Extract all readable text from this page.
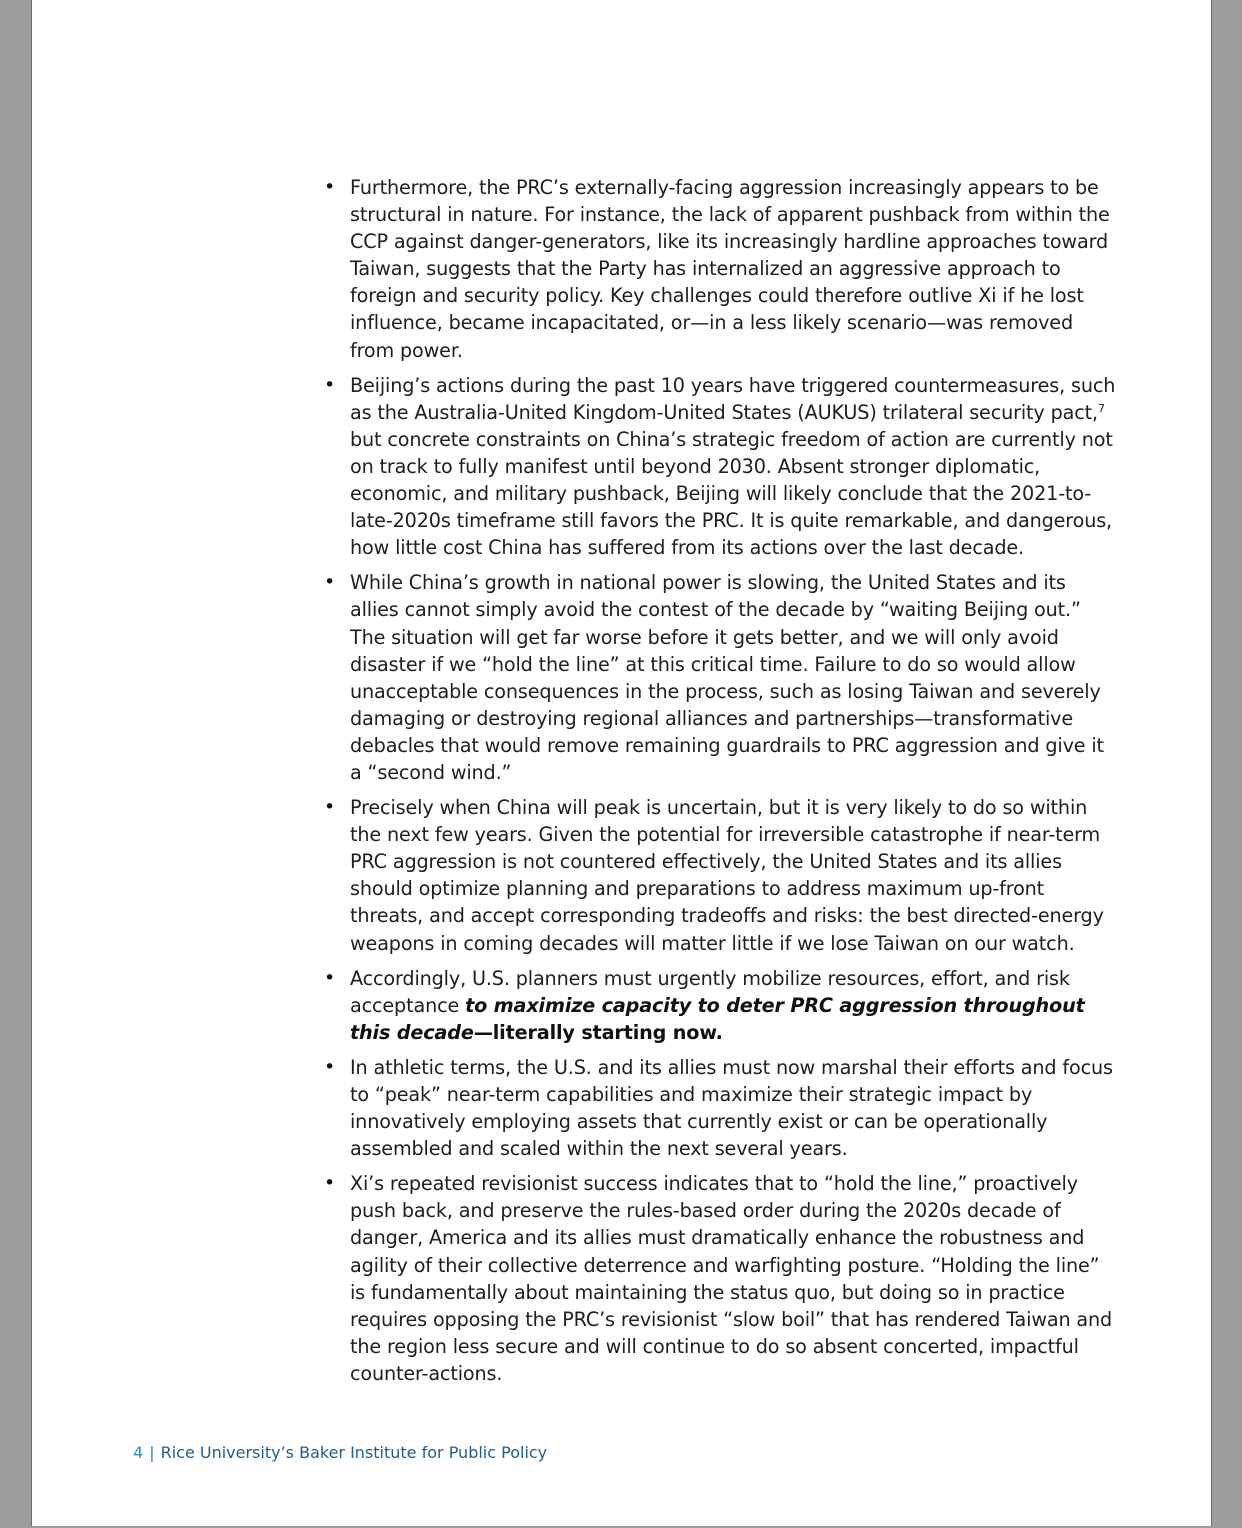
• Furthermore, the PRC’s externally-facing aggression increasingly appears to be structural in nature. For instance, the lack of apparent pushback from within the CCP against danger-generators, like its increasingly hardline approaches toward Taiwan, suggests that the Party has internalized an aggressive approach to foreign and security policy. Key challenges could therefore outlive Xi if he lost influence, became incapacitated, or—in a less likely scenario—was removed from power.
• Beijing’s actions during the past 10 years have triggered countermeasures, such as the Australia-United Kingdom-United States (AUKUS) trilateral security pact,$^7$ but concrete constraints on China’s strategic freedom of action are currently not on track to fully manifest until beyond 2030. Absent stronger diplomatic, economic, and military pushback, Beijing will likely conclude that the 2021-to-late-2020s timeframe still favors the PRC. It is quite remarkable, and dangerous, how little cost China has suffered from its actions over the last decade.
• While China’s growth in national power is slowing, the United States and its allies cannot simply avoid the contest of the decade by “waiting Beijing out.” The situation will get far worse before it gets better, and we will only avoid disaster if we “hold the line” at this critical time. Failure to do so would allow unacceptable consequences in the process, such as losing Taiwan and severely damaging or destroying regional alliances and partnerships—transformative debacles that would remove remaining guardrails to PRC aggression and give it a “second wind.”
• Precisely when China will peak is uncertain, but it is very likely to do so within the next few years. Given the potential for irreversible catastrophe if near-term PRC aggression is not countered effectively, the United States and its allies should optimize planning and preparations to address maximum up-front threats, and accept corresponding tradeoffs and risks: the best directed-energy weapons in coming decades will matter little if we lose Taiwan on our watch.
• Accordingly, U.S. planners must urgently mobilize resources, effort, and risk acceptance to maximize capacity to deter PRC aggression throughout this decade—literally starting now.
• In athletic terms, the U.S. and its allies must now marshal their efforts and focus to “peak” near-term capabilities and maximize their strategic impact by innovatively employing assets that currently exist or can be operationally assembled and scaled within the next several years.
• Xi’s repeated revisionist success indicates that to “hold the line,” proactively push back, and preserve the rules-based order during the 2020s decade of danger, America and its allies must dramatically enhance the robustness and agility of their collective deterrence and warfighting posture. “Holding the line” is fundamentally about maintaining the status quo, but doing so in practice requires opposing the PRC’s revisionist “slow boil” that has rendered Taiwan and the region less secure and will continue to do so absent concerted, impactful counter-actions.
4 | Rice University’s Baker Institute for Public Policy
